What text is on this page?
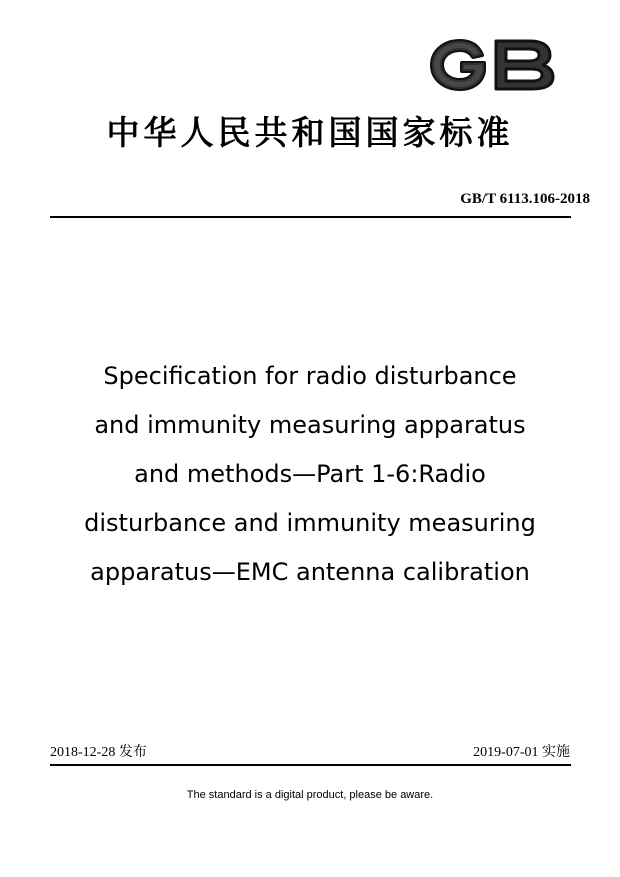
中华人民共和国国家标准
GB/T 6113.106-2018
Specification for radio disturbance
and immunity measuring apparatus
and methods—Part 1-6:Radio
disturbance and immunity measuring
apparatus—EMC antenna calibration
2018-12-28 发布	2019-07-01 实施
The standard is a digital product, please be aware.
